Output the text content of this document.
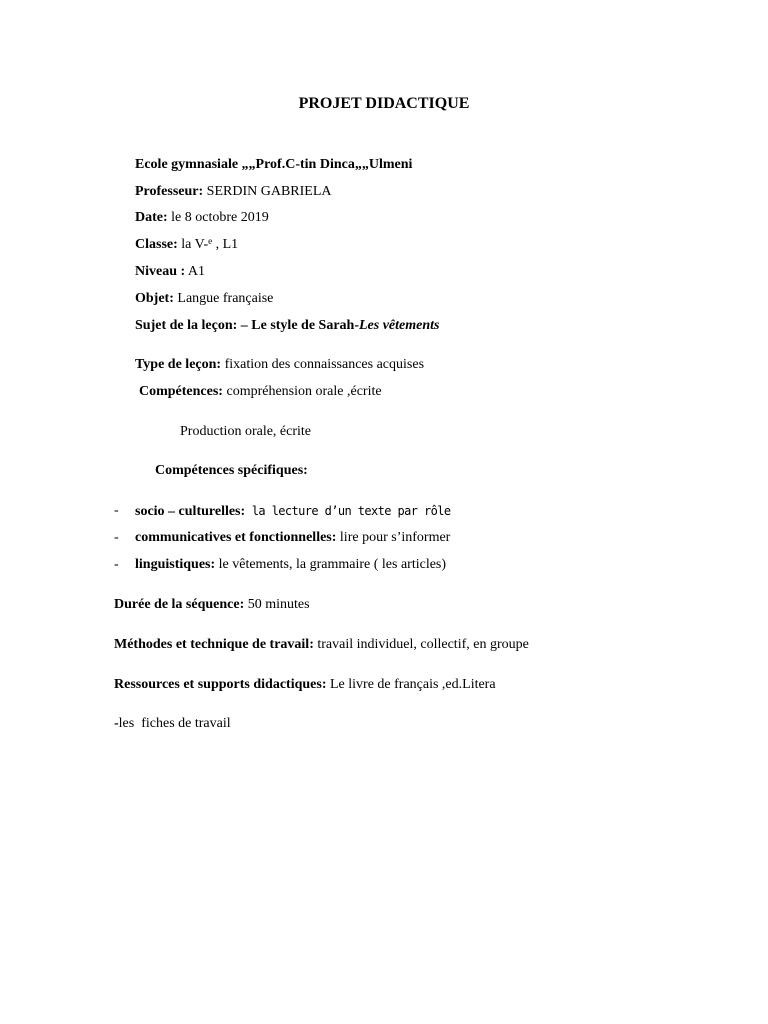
PROJET DIDACTIQUE
Ecole gymnasiale „„Prof.C-tin Dinca„„Ulmeni
Professeur: SERDIN GABRIELA
Date: le 8 octobre 2019
Classe: la V-$^e$ , L1
Niveau : A1
Objet: Langue française
Sujet de la leçon: – Le style de Sarah-Les vêtements
Type de leçon: fixation des connaissances acquises
Compétences: compréhension orale ,écrite
Production orale, écrite
Compétences spécifiques:
- socio – culturelles: la lecture d’un texte par rôle
- communicatives et fonctionnelles: lire pour s’informer
- linguistiques: le vêtements, la grammaire ( les articles)
Durée de la séquence: 50 minutes
Méthodes et technique de travail: travail individuel, collectif, en groupe
Ressources et supports didactiques: Le livre de français ,ed.Litera
-les  fiches de travail
